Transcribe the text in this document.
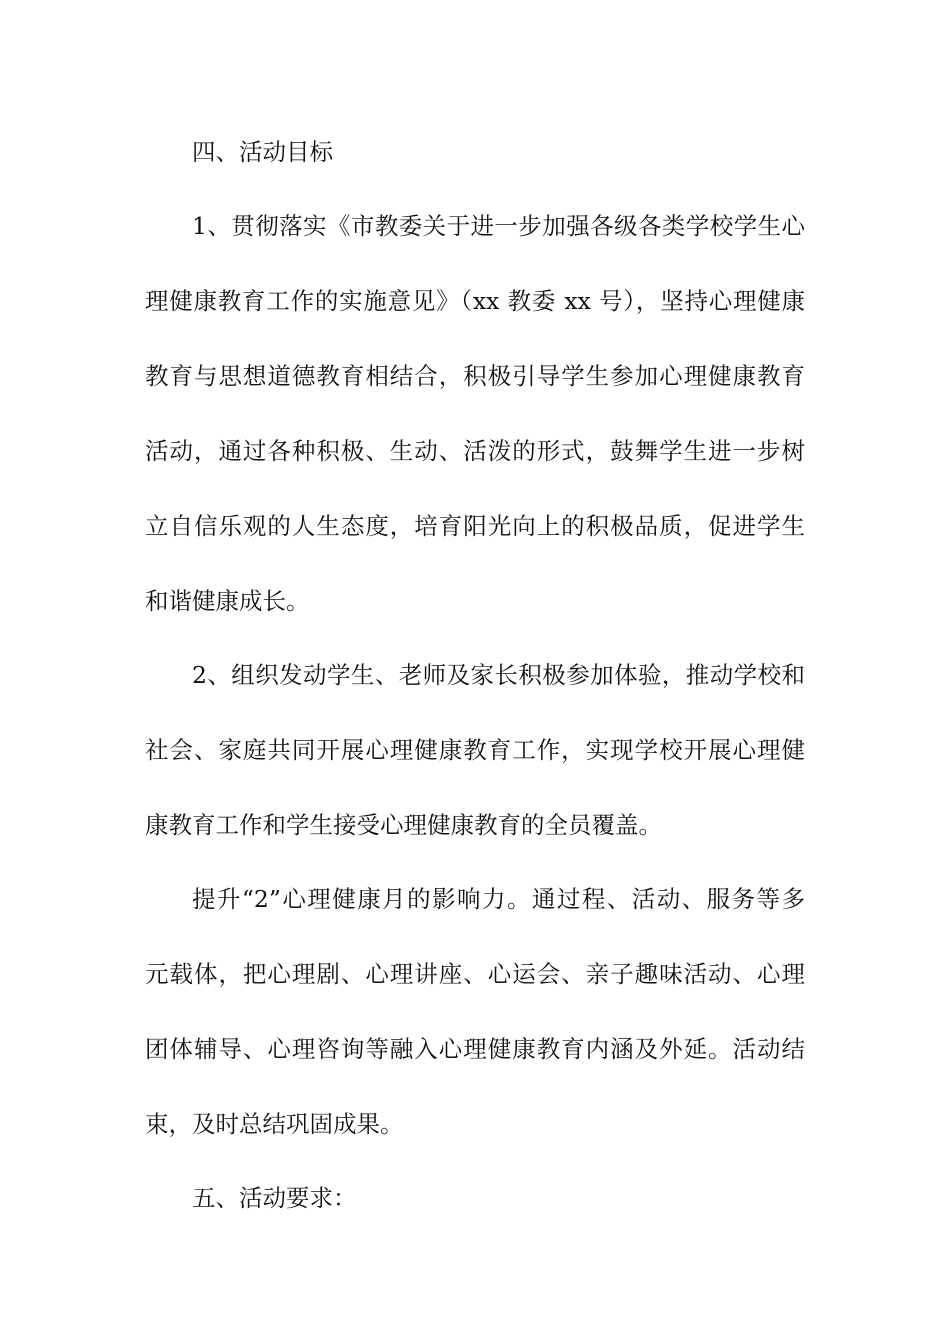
四、活动目标

1、贯彻落实《市教委关于进一步加强各级各类学校学生心

理健康教育工作的实施意见》（xx 教委 xx 号），坚持心理健康

教育与思想道德教育相结合，积极引导学生参加心理健康教育

活动，通过各种积极、生动、活泼的形式，鼓舞学生进一步树

立自信乐观的人生态度，培育阳光向上的积极品质，促进学生

和谐健康成长。

2、组织发动学生、老师及家长积极参加体验，推动学校和

社会、家庭共同开展心理健康教育工作，实现学校开展心理健

康教育工作和学生接受心理健康教育的全员覆盖。

提升“2”心理健康月的影响力。通过程、活动、服务等多

元载体，把心理剧、心理讲座、心运会、亲子趣味活动、心理

团体辅导、心理咨询等融入心理健康教育内涵及外延。活动结

束，及时总结巩固成果。

五、活动要求：
